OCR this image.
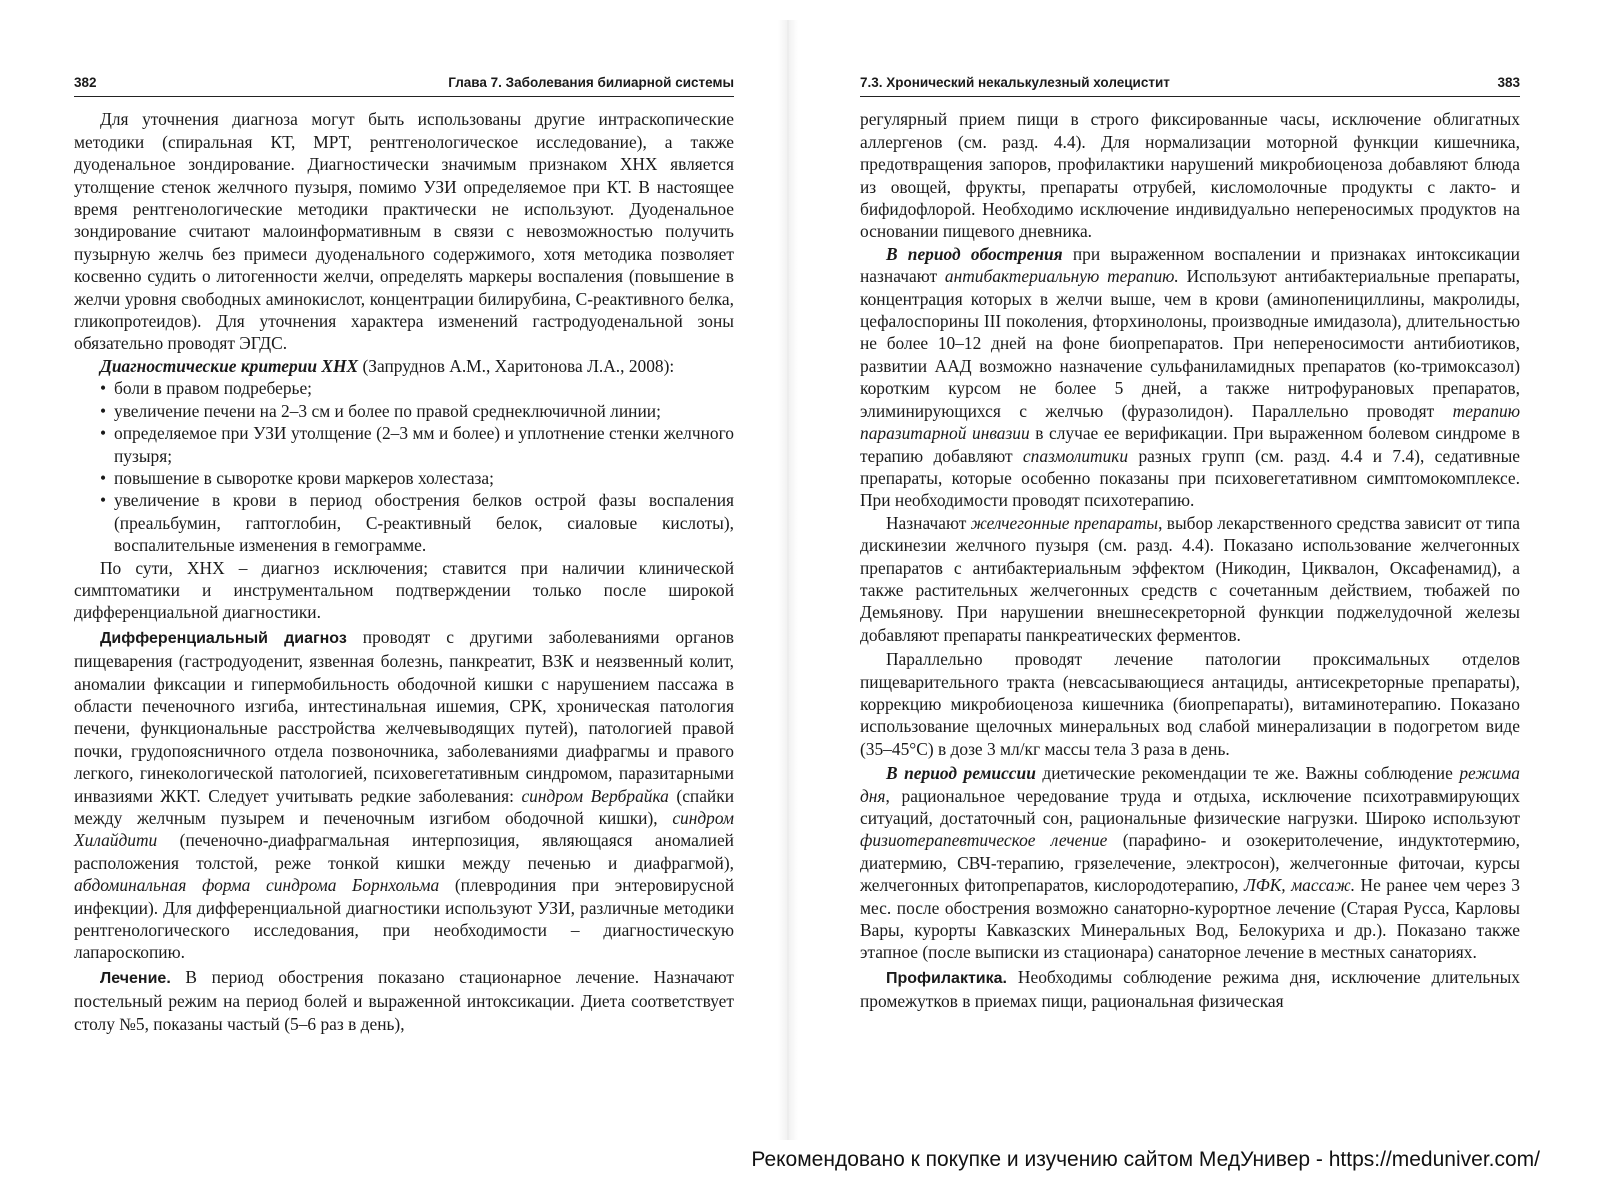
382	Глава 7. Заболевания билиарной системы

Для уточнения диагноза могут быть использованы другие интраскопические методики (спиральная КТ, МРТ, рентгенологическое исследование), а также дуоденальное зондирование. Диагностически значимым признаком ХНХ является утолщение стенок желчного пузыря, помимо УЗИ определяемое при КТ. В настоящее время рентгенологические методики практически не используют. Дуоденальное зондирование считают малоинформативным в связи с невозможностью получить пузырную желчь без примеси дуоденального содержимого, хотя методика позволяет косвенно судить о литогенности желчи, определять маркеры воспаления (повышение в желчи уровня свободных аминокислот, концентрации билирубина, С-реактивного белка, гликопротеидов). Для уточнения характера изменений гастродуоденальной зоны обязательно проводят ЭГДС.

Диагностические критерии ХНХ (Запруднов А.М., Харитонова Л.А., 2008):

• боли в правом подреберье;
• увеличение печени на 2–3 см и более по правой среднеключичной линии;
• определяемое при УЗИ утолщение (2–3 мм и более) и уплотнение стенки желчного пузыря;
• повышение в сыворотке крови маркеров холестаза;
• увеличение в крови в период обострения белков острой фазы воспаления (преальбумин, гаптоглобин, С-реактивный белок, сиаловые кислоты), воспалительные изменения в гемограмме.

По сути, ХНХ – диагноз исключения; ставится при наличии клинической симптоматики и инструментальном подтверждении только после широкой дифференциальной диагностики.

Дифференциальный диагноз проводят с другими заболеваниями органов пищеварения (гастродуоденит, язвенная болезнь, панкреатит, ВЗК и неязвенный колит, аномалии фиксации и гипермобильность ободочной кишки с нарушением пассажа в области печеночного изгиба, интестинальная ишемия, СРК, хроническая патология печени, функциональные расстройства желчевыводящих путей), патологией правой почки, грудопоясничного отдела позвоночника, заболеваниями диафрагмы и правого легкого, гинекологической патологией, психовегетативным синдромом, паразитарными инвазиями ЖКТ. Следует учитывать редкие заболевания: синдром Вербрайка (спайки между желчным пузырем и печеночным изгибом ободочной кишки), синдром Хилайдити (печеночно-диафрагмальная интерпозиция, являющаяся аномалией расположения толстой, реже тонкой кишки между печенью и диафрагмой), абдоминальная форма синдрома Борнхольма (плевродиния при энтеровирусной инфекции). Для дифференциальной диагностики используют УЗИ, различные методики рентгенологического исследования, при необходимости – диагностическую лапароскопию.

Лечение. В период обострения показано стационарное лечение. Назначают постельный режим на период болей и выраженной интоксикации. Диета соответствует столу №5, показаны частый (5–6 раз в день),

7.3. Хронический некалькулезный холецистит	383

регулярный прием пищи в строго фиксированные часы, исключение облигатных аллергенов (см. разд. 4.4). Для нормализации моторной функции кишечника, предотвращения запоров, профилактики нарушений микробиоценоза добавляют блюда из овощей, фрукты, препараты отрубей, кисломолочные продукты с лакто- и бифидофлорой. Необходимо исключение индивидуально непереносимых продуктов на основании пищевого дневника.

В период обострения при выраженном воспалении и признаках интоксикации назначают антибактериальную терапию. Используют антибактериальные препараты, концентрация которых в желчи выше, чем в крови (аминопенициллины, макролиды, цефалоспорины III поколения, фторхинолоны, производные имидазола), длительностью не более 10–12 дней на фоне биопрепаратов. При непереносимости антибиотиков, развитии ААД возможно назначение сульфаниламидных препаратов (ко-тримоксазол) коротким курсом не более 5 дней, а также нитрофурановых препаратов, элиминирующихся с желчью (фуразолидон). Параллельно проводят терапию паразитарной инвазии в случае ее верификации. При выраженном болевом синдроме в терапию добавляют спазмолитики разных групп (см. разд. 4.4 и 7.4), седативные препараты, которые особенно показаны при психовегетативном симптомокомплексе. При необходимости проводят психотерапию.

Назначают желчегонные препараты, выбор лекарственного средства зависит от типа дискинезии желчного пузыря (см. разд. 4.4). Показано использование желчегонных препаратов с антибактериальным эффектом (Никодин, Циквалон, Оксафенамид), а также растительных желчегонных средств с сочетанным действием, тюбажей по Демьянову. При нарушении внешнесекреторной функции поджелудочной железы добавляют препараты панкреатических ферментов.

Параллельно проводят лечение патологии проксимальных отделов пищеварительного тракта (невсасывающиеся антациды, антисекреторные препараты), коррекцию микробиоценоза кишечника (биопрепараты), витаминотерапию. Показано использование щелочных минеральных вод слабой минерализации в подогретом виде (35–45°С) в дозе 3 мл/кг массы тела 3 раза в день.

В период ремиссии диетические рекомендации те же. Важны соблюдение режима дня, рациональное чередование труда и отдыха, исключение психотравмирующих ситуаций, достаточный сон, рациональные физические нагрузки. Широко используют физиотерапевтическое лечение (парафино- и озокеритолечение, индуктотермию, диатермию, СВЧ-терапию, грязелечение, электросон), желчегонные фиточаи, курсы желчегонных фитопрепаратов, кислородотерапию, ЛФК, массаж. Не ранее чем через 3 мес. после обострения возможно санаторно-курортное лечение (Старая Русса, Карловы Вары, курорты Кавказских Минеральных Вод, Белокуриха и др.). Показано также этапное (после выписки из стационара) санаторное лечение в местных санаториях.

Профилактика. Необходимы соблюдение режима дня, исключение длительных промежутков в приемах пищи, рациональная физическая

Рекомендовано к покупке и изучению сайтом МедУнивер - https://meduniver.com/
